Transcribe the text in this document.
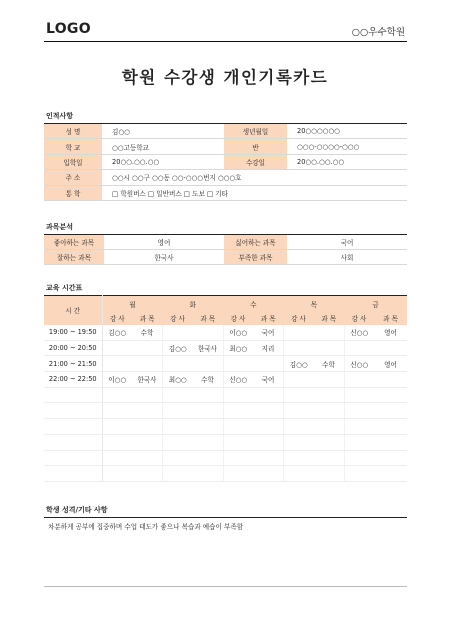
LOGO	○○우수학원
학원 수강생 개인기록카드
인적사항
성 명	김○○	생년월일	20○○○○○○
학 교	○○고등학교	반	○○○-○○○○-○○○
입학일	20○○.○○.○○	수강일	20○○.○○.○○
주 소	○○시 ○○구 ○○동 ○○-○○○번지 ○○○호		
통 학	□ 학원버스 □ 일반버스 □ 도보 □ 기타		
과목분석
좋아하는 과목	영어	싫어하는 과목	국어
잘하는 과목	한국사	부족한 과목	사회
교육 시간표
시 간	월		화		수		목		금	
	강 사	과 목	강 사	과 목	강 사	과 목	강 사	과 목	강 사	과 목
19:00 ~ 19:50	김○○	수학			이○○	국어			신○○	영어
20:00 ~ 20:50			김○○	한국사	최○○	지리				
21:00 ~ 21:50							김○○	수학	신○○	영어
22:00 ~ 22:50	이○○	한국사	최○○	수학	신○○	국어				

학생 성격/기타 사항
차분하게 공부에 집중하며 수업 태도가 좋으나 복습과 예습이 부족함
